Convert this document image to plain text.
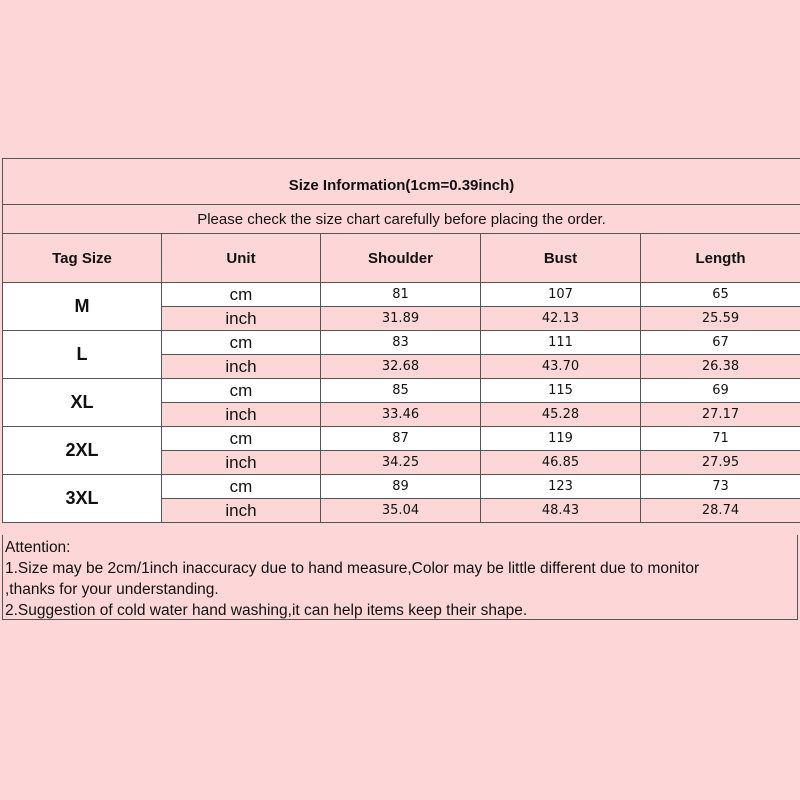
Size Information(1cm=0.39inch)				
Please check the size chart carefully before placing the order.				
Tag Size	Unit	Shoulder	Bust	Length
M	cm	81	107	65
	inch	31.89	42.13	25.59
L	cm	83	111	67
	inch	32.68	43.70	26.38
XL	cm	85	115	69
	inch	33.46	45.28	27.17
2XL	cm	87	119	71
	inch	34.25	46.85	27.95
3XL	cm	89	123	73
	inch	35.04	48.43	28.74
Attention:
1.Size may be 2cm/1inch inaccuracy due to hand measure,Color may be little different due to monitor
,thanks for your understanding.
2.Suggestion of cold water hand washing,it can help items keep their shape.
